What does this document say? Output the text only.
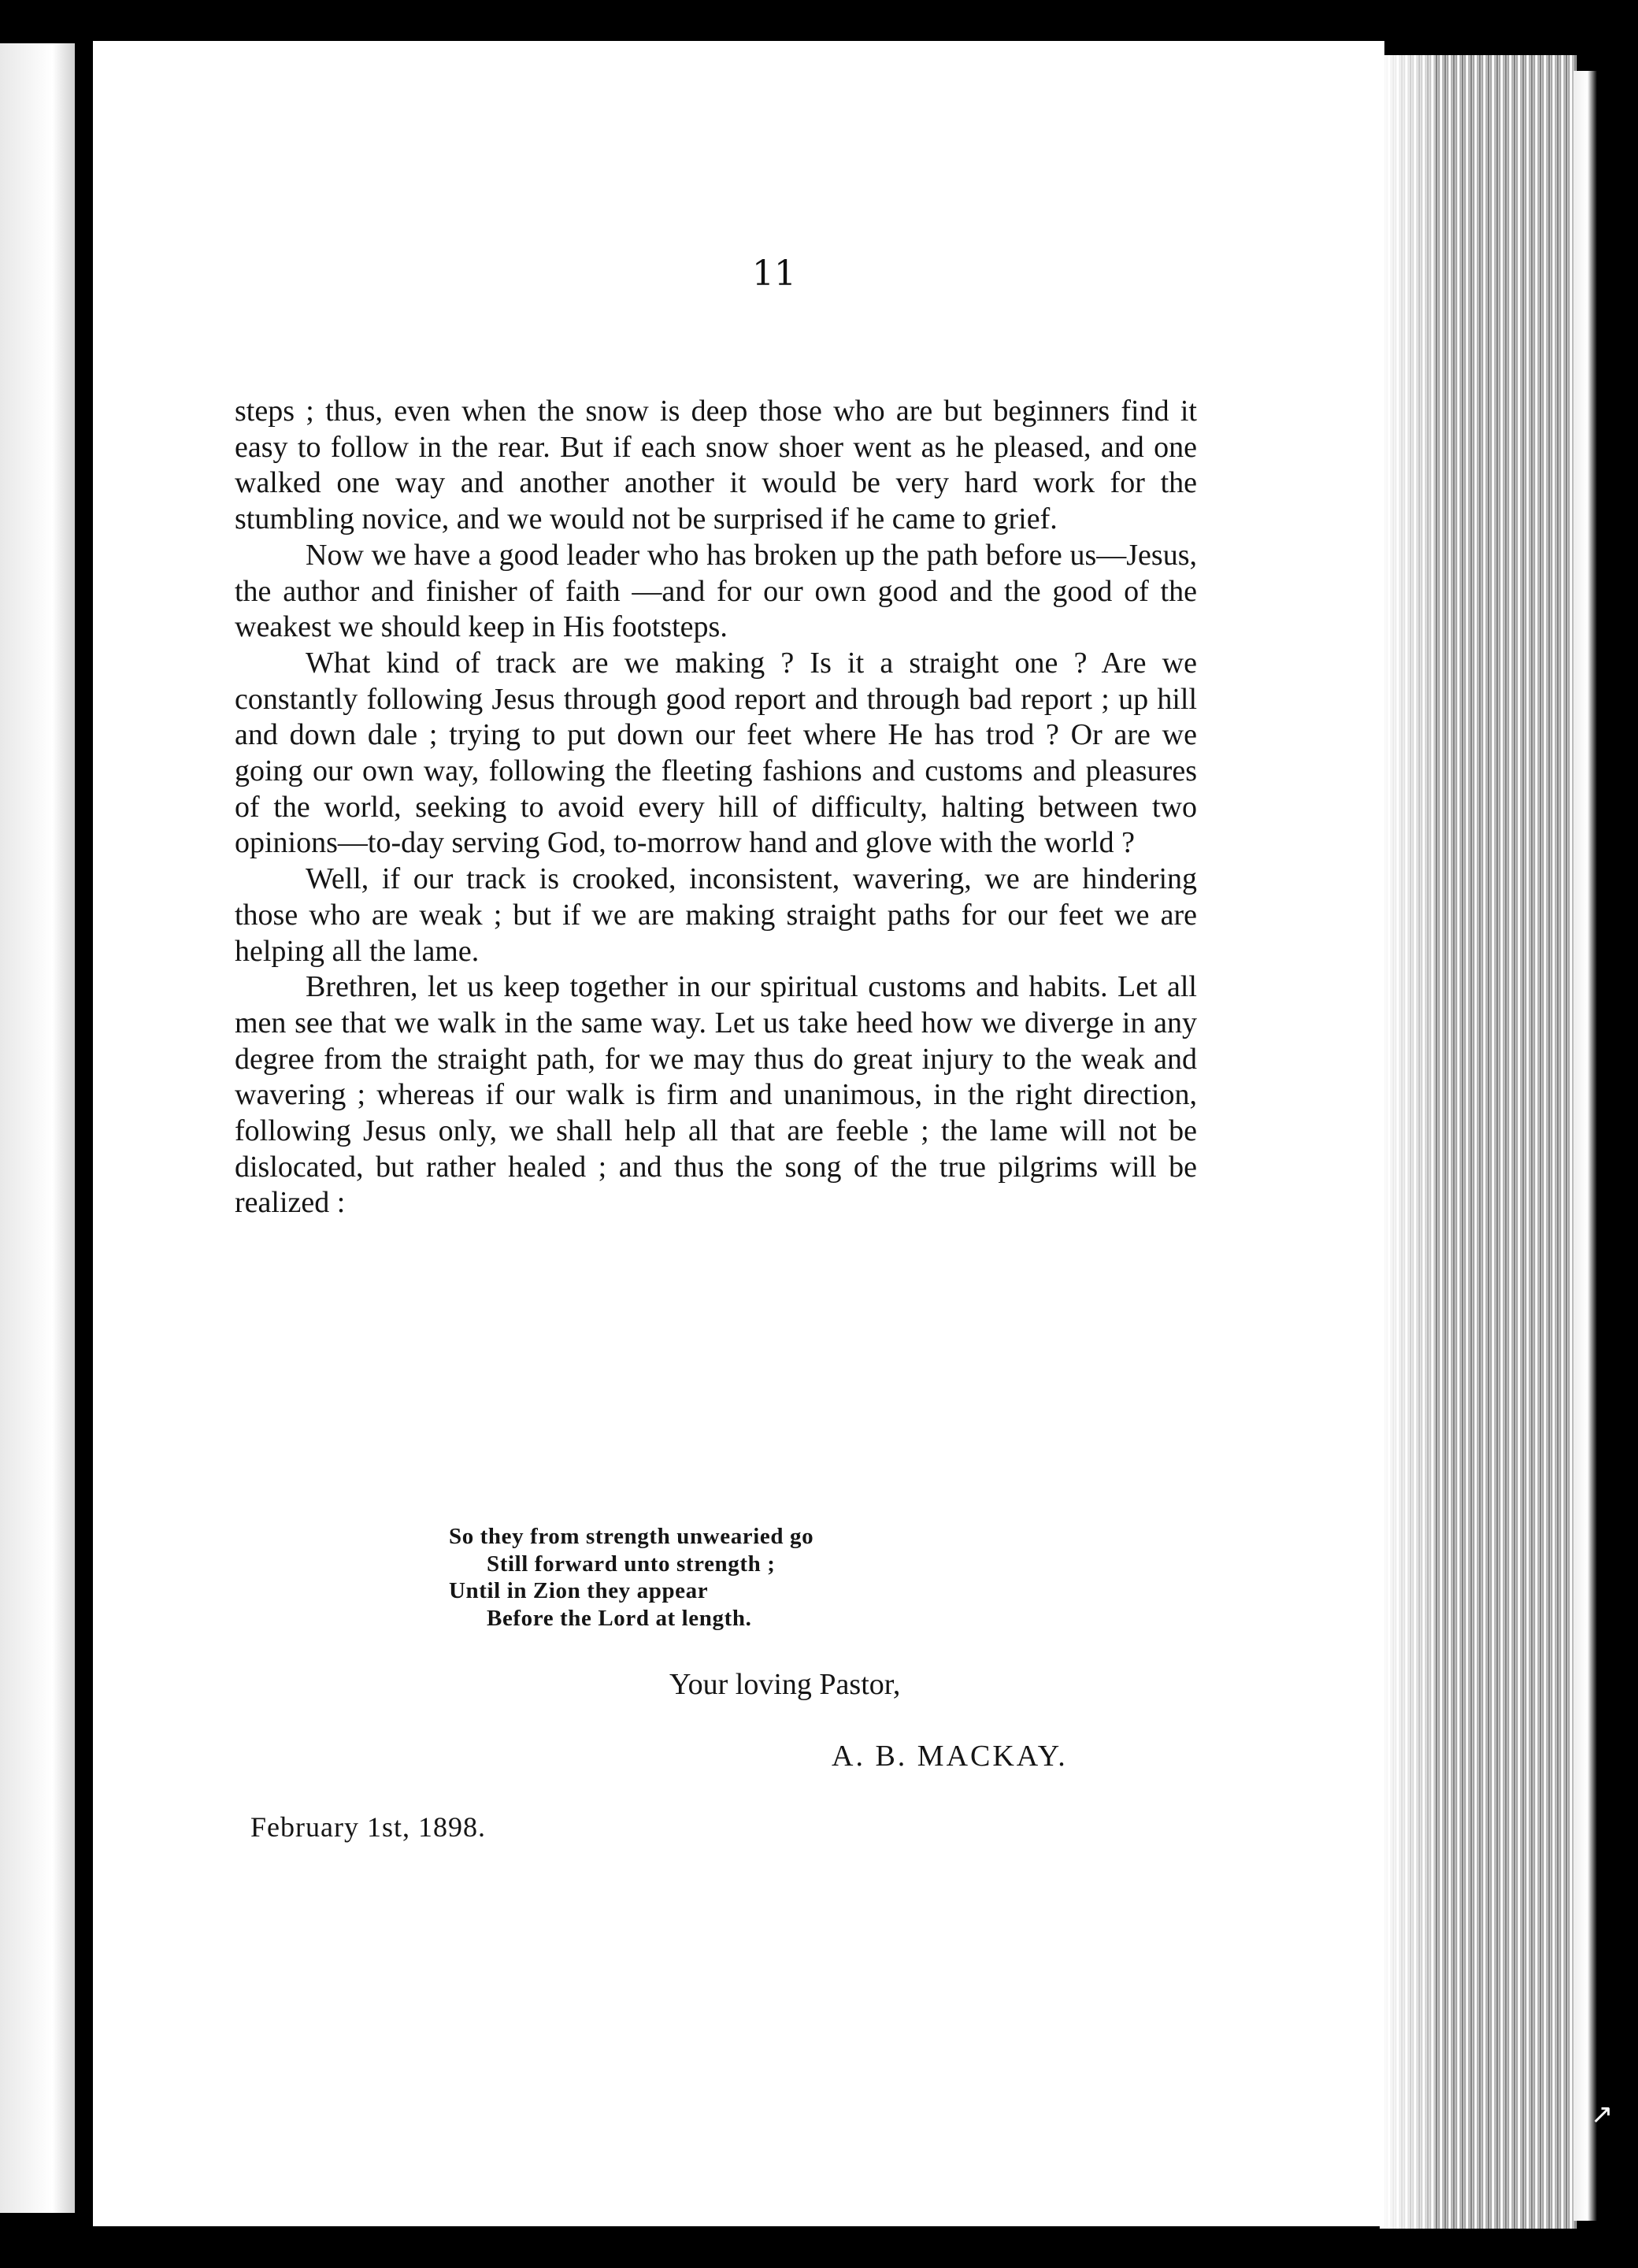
↗
11

steps ; thus, even when the snow is deep those who are but beginners find it easy to follow in the rear. But if each snow shoer went as he pleased, and one walked one way and another another it would be very hard work for the stumbling novice, and we would not be surprised if he came to grief.

Now we have a good leader who has broken up the path before us—Jesus, the author and finisher of faith —and for our own good and the good of the weakest we should keep in His footsteps.

What kind of track are we making ? Is it a straight one ? Are we constantly following Jesus through good report and through bad report ; up hill and down dale ; trying to put down our feet where He has trod ? Or are we going our own way, following the fleeting fashions and customs and pleasures of the world, seeking to avoid every hill of difficulty, halting between two opinions—to-day serving God, to-morrow hand and glove with the world ?

Well, if our track is crooked, inconsistent, wavering, we are hindering those who are weak ; but if we are making straight paths for our feet we are helping all the lame.

Brethren, let us keep together in our spiritual customs and habits. Let all men see that we walk in the same way. Let us take heed how we diverge in any degree from the straight path, for we may thus do great injury to the weak and wavering ; whereas if our walk is firm and unanimous, in the right direction, following Jesus only, we shall help all that are feeble ; the lame will not be dislocated, but rather healed ; and thus the song of the true pilgrims will be realized :

So they from strength unwearied go
Still forward unto strength ;
Until in Zion they appear
Before the Lord at length.
Your loving Pastor,
A. B. MACKAY.
February 1st, 1898.
